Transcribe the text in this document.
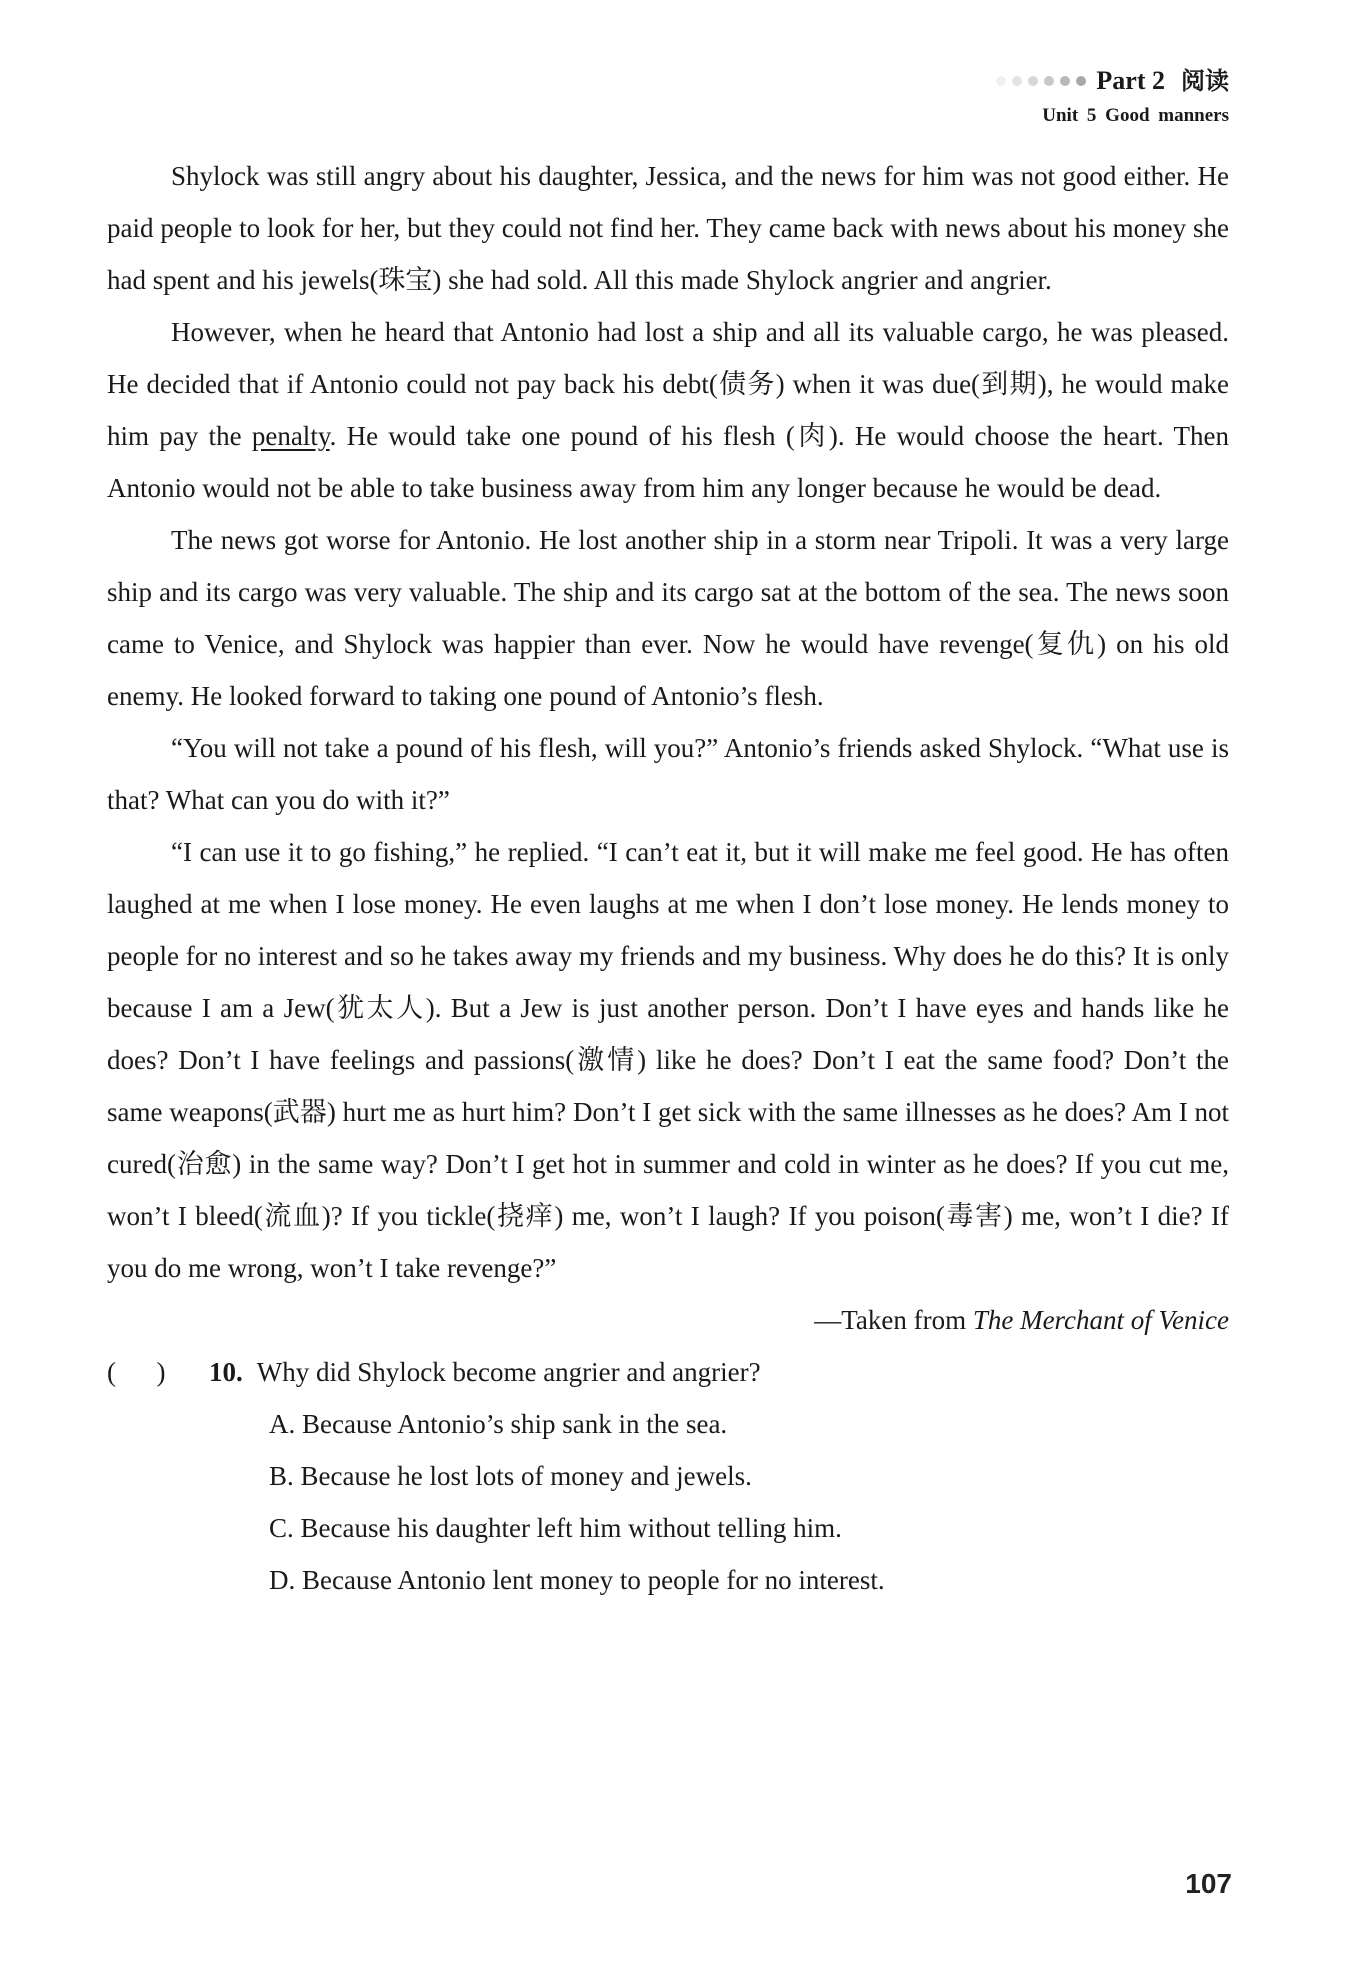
Part 2 阅读
Unit 5 Good manners

Shylock was still angry about his daughter, Jessica, and the news for him was not good either. He paid people to look for her, but they could not find her. They came back with news about his money she had spent and his jewels(珠宝) she had sold. All this made Shylock angrier and angrier.

However, when he heard that Antonio had lost a ship and all its valuable cargo, he was pleased. He decided that if Antonio could not pay back his debt(债务) when it was due(到期), he would make him pay the penalty. He would take one pound of his flesh (肉). He would choose the heart. Then Antonio would not be able to take business away from him any longer because he would be dead.

The news got worse for Antonio. He lost another ship in a storm near Tripoli. It was a very large ship and its cargo was very valuable. The ship and its cargo sat at the bottom of the sea. The news soon came to Venice, and Shylock was happier than ever. Now he would have revenge(复仇) on his old enemy. He looked forward to taking one pound of Antonio’s flesh.

“You will not take a pound of his flesh, will you?” Antonio’s friends asked Shylock. “What use is that? What can you do with it?”

“I can use it to go fishing,” he replied. “I can’t eat it, but it will make me feel good. He has often laughed at me when I lose money. He even laughs at me when I don’t lose money. He lends money to people for no interest and so he takes away my friends and my business. Why does he do this? It is only because I am a Jew(犹太人). But a Jew is just another person. Don’t I have eyes and hands like he does? Don’t I have feelings and passions(激情) like he does? Don’t I eat the same food? Don’t the same weapons(武器) hurt me as hurt him? Don’t I get sick with the same illnesses as he does? Am I not cured(治愈) in the same way? Don’t I get hot in summer and cold in winter as he does? If you cut me, won’t I bleed(流血)? If you tickle(挠痒) me, won’t I laugh? If you poison(毒害) me, won’t I die? If you do me wrong, won’t I take revenge?”

—Taken from The Merchant of Venice

(      )	10. Why did Shylock become angrier and angrier?

A. Because Antonio’s ship sank in the sea.

B. Because he lost lots of money and jewels.

C. Because his daughter left him without telling him.

D. Because Antonio lent money to people for no interest.

107
